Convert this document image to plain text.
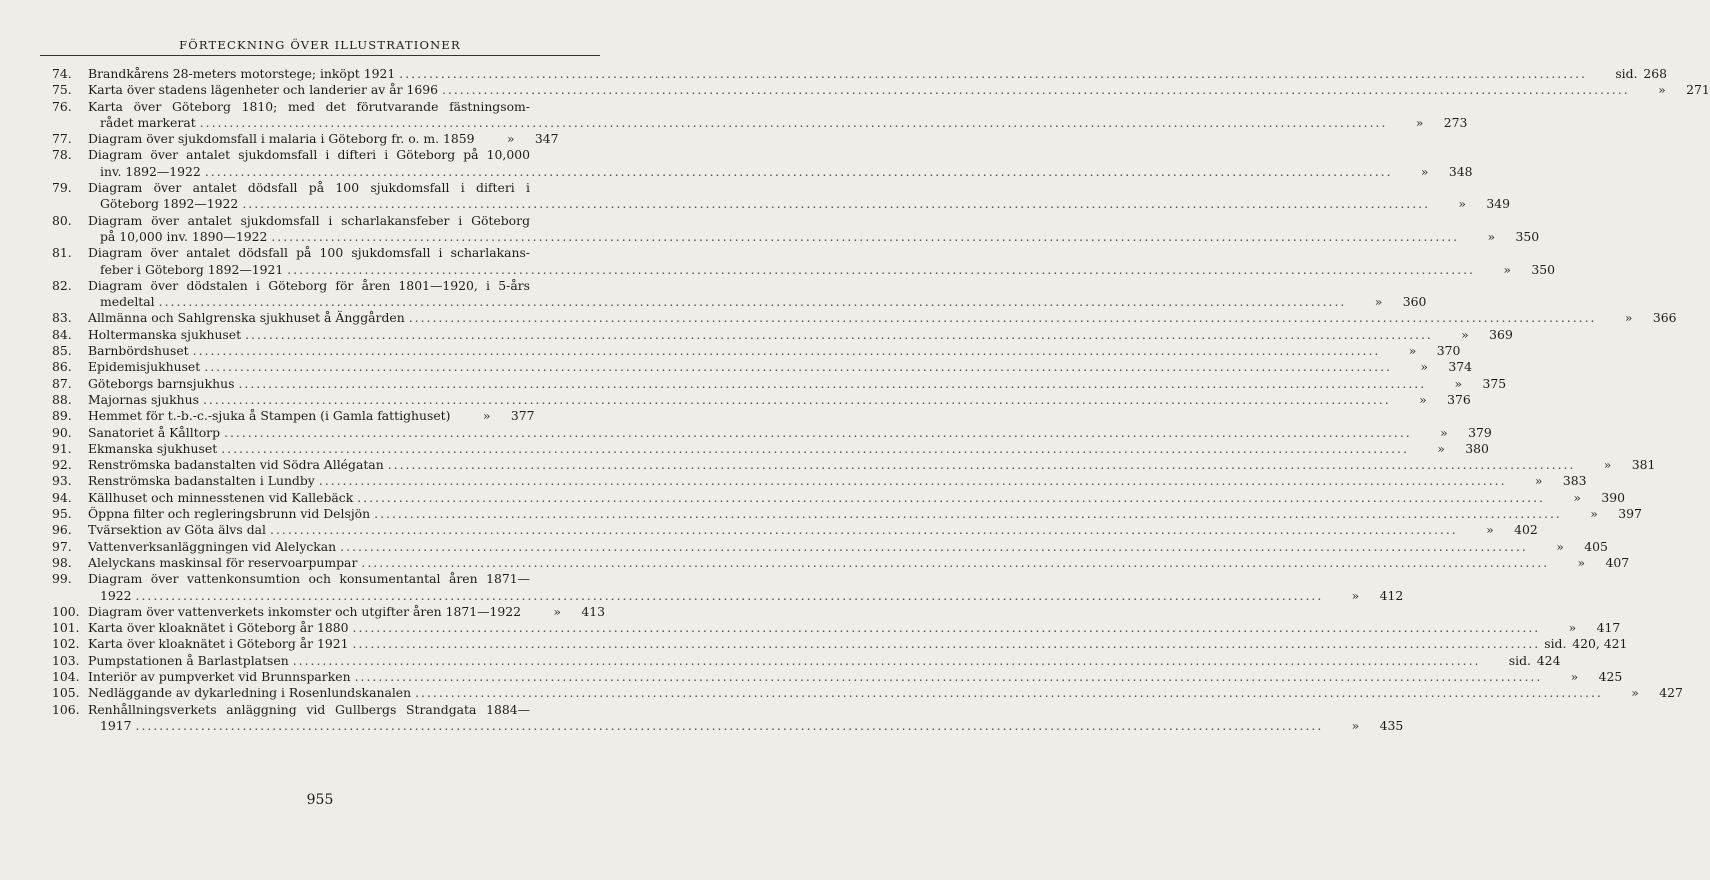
FÖRTECKNING ÖVER ILLUSTRATIONER
74.	Brandkårens 28-meters motorstege; inköpt 1921 ........................................................................................................................................................................................................ sid. 268
75.	Karta över stadens lägenheter och landerier av år 1696 ........................................................................................................................................................................................................ »	271
76.	Karta över Göteborg 1810; med det förutvarande fästningsom-
rådet markerat ........................................................................................................................................................................................................ »	273
77.	Diagram över sjukdomsfall i malaria i Göteborg fr. o. m. 1859	»	347
78.	Diagram över antalet sjukdomsfall i difteri i Göteborg på 10,000
inv. 1892—1922 ........................................................................................................................................................................................................ »	348
79.	Diagram över antalet dödsfall på 100 sjukdomsfall i difteri i
Göteborg 1892—1922 ........................................................................................................................................................................................................ »	349
80.	Diagram över antalet sjukdomsfall i scharlakansfeber i Göteborg
på 10,000 inv. 1890—1922 ........................................................................................................................................................................................................ »	350
81.	Diagram över antalet dödsfall på 100 sjukdomsfall i scharlakans-
feber i Göteborg 1892—1921 ........................................................................................................................................................................................................ »	350
82.	Diagram över dödstalen i Göteborg för åren 1801—1920, i 5-års
medeltal ........................................................................................................................................................................................................ »	360
83.	Allmänna och Sahlgrenska sjukhuset å Änggården ........................................................................................................................................................................................................ »	366
84.	Holtermanska sjukhuset ........................................................................................................................................................................................................ »	369
85.	Barnbördshuset ........................................................................................................................................................................................................ »	370
86.	Epidemisjukhuset ........................................................................................................................................................................................................ »	374
87.	Göteborgs barnsjukhus ........................................................................................................................................................................................................ »	375
88.	Majornas sjukhus ........................................................................................................................................................................................................ »	376
89.	Hemmet för t.-b.-c.-sjuka å Stampen (i Gamla fattighuset)	»	377
90.	Sanatoriet å Kålltorp ........................................................................................................................................................................................................ »	379
91.	Ekmanska sjukhuset ........................................................................................................................................................................................................ »	380
92.	Renströmska badanstalten vid Södra Allégatan ........................................................................................................................................................................................................ »	381
93.	Renströmska badanstalten i Lundby ........................................................................................................................................................................................................ »	383
94.	Källhuset och minnesstenen vid Kallebäck ........................................................................................................................................................................................................ »	390
95.	Öppna filter och regleringsbrunn vid Delsjön ........................................................................................................................................................................................................ »	397
96.	Tvärsektion av Göta älvs dal ........................................................................................................................................................................................................ »	402
97.	Vattenverksanläggningen vid Alelyckan ........................................................................................................................................................................................................ »	405
98.	Alelyckans maskinsal för reservoarpumpar ........................................................................................................................................................................................................ »	407
99.	Diagram över vattenkonsumtion och konsumentantal åren 1871—
1922 ........................................................................................................................................................................................................ »	412
100. Diagram över vattenverkets inkomster och utgifter åren 1871—1922	»	413
101. Karta över kloaknätet i Göteborg år 1880 ........................................................................................................................................................................................................ »	417
102. Karta över kloaknätet i Göteborg år 1921 ........................................................................................................................................................................................................ sid. 420, 421
103. Pumpstationen å Barlastplatsen ........................................................................................................................................................................................................ sid. 424
104. Interiör av pumpverket vid Brunnsparken ........................................................................................................................................................................................................ »	425
105. Nedläggande av dykarledning i Rosenlundskanalen ........................................................................................................................................................................................................ »	427
106. Renhållningsverkets anläggning vid Gullbergs Strandgata 1884—
1917 ........................................................................................................................................................................................................ »	435
955
